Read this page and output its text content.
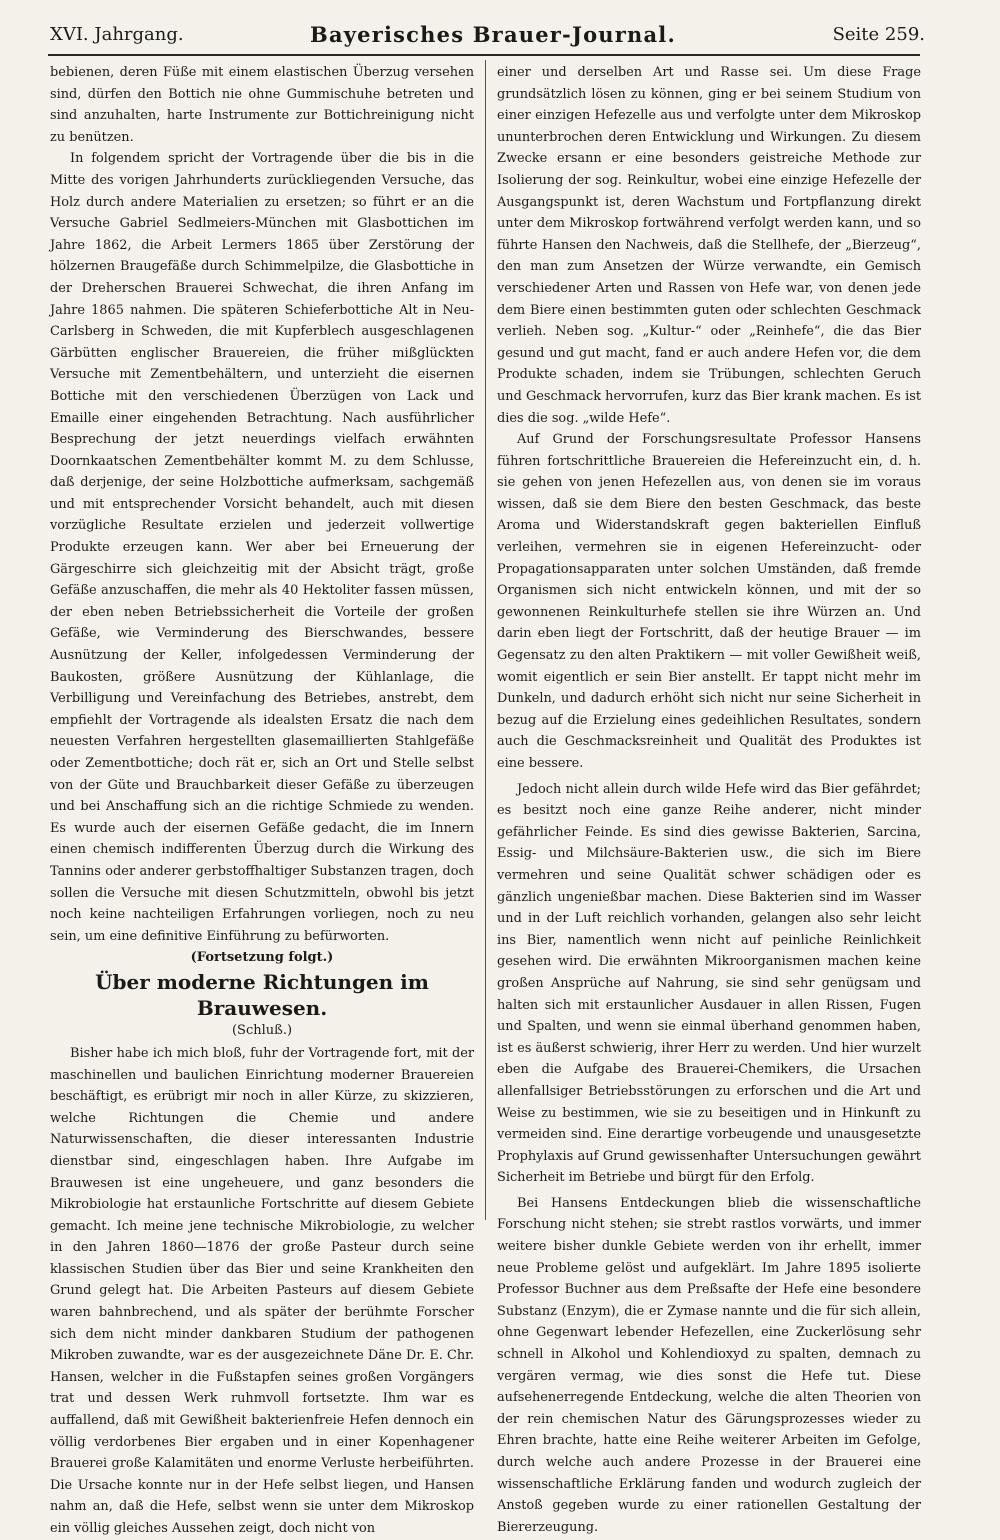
XVI. Jahrgang.	Bayerisches Brauer-Journal.	Seite 259.

bebienen, deren Füße mit einem elastischen Überzug versehen sind, dürfen den Bottich nie ohne Gummischuhe betreten und sind anzuhalten, harte Instrumente zur Bottichreinigung nicht zu benützen.

In folgendem spricht der Vortragende über die bis in die Mitte des vorigen Jahrhunderts zurückliegenden Versuche, das Holz durch andere Materialien zu ersetzen; so führt er an die Versuche Gabriel Sedlmeiers-München mit Glasbottichen im Jahre 1862, die Arbeit Lermers 1865 über Zerstörung der hölzernen Braugefäße durch Schimmelpilze, die Glasbottiche in der Dreherschen Brauerei Schwechat, die ihren Anfang im Jahre 1865 nahmen. Die späteren Schieferbottiche Alt in Neu-Carlsberg in Schweden, die mit Kupferblech ausgeschlagenen Gärbütten englischer Brauereien, die früher mißglückten Versuche mit Zementbehältern, und unterzieht die eisernen Bottiche mit den verschiedenen Überzügen von Lack und Emaille einer eingehenden Betrachtung. Nach ausführlicher Besprechung der jetzt neuerdings vielfach erwähnten Doornkaatschen Zementbehälter kommt M. zu dem Schlusse, daß derjenige, der seine Holzbottiche aufmerksam, sachgemäß und mit entsprechender Vorsicht behandelt, auch mit diesen vorzügliche Resultate erzielen und jederzeit vollwertige Produkte erzeugen kann. Wer aber bei Erneuerung der Gärgeschirre sich gleichzeitig mit der Absicht trägt, große Gefäße anzuschaffen, die mehr als 40 Hektoliter fassen müssen, der eben neben Betriebssicherheit die Vorteile der großen Gefäße, wie Verminderung des Bierschwandes, bessere Ausnützung der Keller, infolgedessen Verminderung der Baukosten, größere Ausnützung der Kühlanlage, die Verbilligung und Vereinfachung des Betriebes, anstrebt, dem empfiehlt der Vortragende als idealsten Ersatz die nach dem neuesten Verfahren hergestellten glasemaillierten Stahlgefäße oder Zementbottiche; doch rät er, sich an Ort und Stelle selbst von der Güte und Brauchbarkeit dieser Gefäße zu überzeugen und bei Anschaffung sich an die richtige Schmiede zu wenden. Es wurde auch der eisernen Gefäße gedacht, die im Innern einen chemisch indifferenten Überzug durch die Wirkung des Tannins oder anderer gerbstoffhaltiger Substanzen tragen, doch sollen die Versuche mit diesen Schutzmitteln, obwohl bis jetzt noch keine nachteiligen Erfahrungen vorliegen, noch zu neu sein, um eine definitive Einführung zu befürworten.

(Fortsetzung folgt.)

Über moderne Richtungen im Brauwesen.
(Schluß.)

Bisher habe ich mich bloß, fuhr der Vortragende fort, mit der maschinellen und baulichen Einrichtung moderner Brauereien beschäftigt, es erübrigt mir noch in aller Kürze, zu skizzieren, welche Richtungen die Chemie und andere Naturwissenschaften, die dieser interessanten Industrie dienstbar sind, eingeschlagen haben. Ihre Aufgabe im Brauwesen ist eine ungeheuere, und ganz besonders die Mikrobiologie hat erstaunliche Fortschritte auf diesem Gebiete gemacht. Ich meine jene technische Mikrobiologie, zu welcher in den Jahren 1860—1876 der große Pasteur durch seine klassischen Studien über das Bier und seine Krankheiten den Grund gelegt hat. Die Arbeiten Pasteurs auf diesem Gebiete waren bahnbrechend, und als später der berühmte Forscher sich dem nicht minder dankbaren Studium der pathogenen Mikroben zuwandte, war es der ausgezeichnete Däne Dr. E. Chr. Hansen, welcher in die Fußstapfen seines großen Vorgängers trat und dessen Werk ruhmvoll fortsetzte. Ihm war es auffallend, daß mit Gewißheit bakterienfreie Hefen dennoch ein völlig verdorbenes Bier ergaben und in einer Kopenhagener Brauerei große Kalamitäten und enorme Verluste herbeiführten. Die Ursache konnte nur in der Hefe selbst liegen, und Hansen nahm an, daß die Hefe, selbst wenn sie unter dem Mikroskop ein völlig gleiches Aussehen zeigt, doch nicht von

einer und derselben Art und Rasse sei. Um diese Frage grundsätzlich lösen zu können, ging er bei seinem Studium von einer einzigen Hefezelle aus und verfolgte unter dem Mikroskop ununterbrochen deren Entwicklung und Wirkungen. Zu diesem Zwecke ersann er eine besonders geistreiche Methode zur Isolierung der sog. Reinkultur, wobei eine einzige Hefezelle der Ausgangspunkt ist, deren Wachstum und Fortpflanzung direkt unter dem Mikroskop fortwährend verfolgt werden kann, und so führte Hansen den Nachweis, daß die Stellhefe, der „Bierzeug“, den man zum Ansetzen der Würze verwandte, ein Gemisch verschiedener Arten und Rassen von Hefe war, von denen jede dem Biere einen bestimmten guten oder schlechten Geschmack verlieh. Neben sog. „Kultur-“ oder „Reinhefe“, die das Bier gesund und gut macht, fand er auch andere Hefen vor, die dem Produkte schaden, indem sie Trübungen, schlechten Geruch und Geschmack hervorrufen, kurz das Bier krank machen. Es ist dies die sog. „wilde Hefe“.

Auf Grund der Forschungsresultate Professor Hansens führen fortschrittliche Brauereien die Hefereinzucht ein, d. h. sie gehen von jenen Hefezellen aus, von denen sie im voraus wissen, daß sie dem Biere den besten Geschmack, das beste Aroma und Widerstandskraft gegen bakteriellen Einfluß verleihen, vermehren sie in eigenen Hefereinzucht- oder Propagationsapparaten unter solchen Umständen, daß fremde Organismen sich nicht entwickeln können, und mit der so gewonnenen Reinkulturhefe stellen sie ihre Würzen an. Und darin eben liegt der Fortschritt, daß der heutige Brauer — im Gegensatz zu den alten Praktikern — mit voller Gewißheit weiß, womit eigentlich er sein Bier anstellt. Er tappt nicht mehr im Dunkeln, und dadurch erhöht sich nicht nur seine Sicherheit in bezug auf die Erzielung eines gedeihlichen Resultates, sondern auch die Geschmacksreinheit und Qualität des Produktes ist eine bessere.

Jedoch nicht allein durch wilde Hefe wird das Bier gefährdet; es besitzt noch eine ganze Reihe anderer, nicht minder gefährlicher Feinde. Es sind dies gewisse Bakterien, Sarcina, Essig- und Milchsäure-Bakterien usw., die sich im Biere vermehren und seine Qualität schwer schädigen oder es gänzlich ungenießbar machen. Diese Bakterien sind im Wasser und in der Luft reichlich vorhanden, gelangen also sehr leicht ins Bier, namentlich wenn nicht auf peinliche Reinlichkeit gesehen wird. Die erwähnten Mikroorganismen machen keine großen Ansprüche auf Nahrung, sie sind sehr genügsam und halten sich mit erstaunlicher Ausdauer in allen Rissen, Fugen und Spalten, und wenn sie einmal überhand genommen haben, ist es äußerst schwierig, ihrer Herr zu werden. Und hier wurzelt eben die Aufgabe des Brauerei-Chemikers, die Ursachen allenfallsiger Betriebsstörungen zu erforschen und die Art und Weise zu bestimmen, wie sie zu beseitigen und in Hinkunft zu vermeiden sind. Eine derartige vorbeugende und unausgesetzte Prophylaxis auf Grund gewissenhafter Untersuchungen gewährt Sicherheit im Betriebe und bürgt für den Erfolg.

Bei Hansens Entdeckungen blieb die wissenschaftliche Forschung nicht stehen; sie strebt rastlos vorwärts, und immer weitere bisher dunkle Gebiete werden von ihr erhellt, immer neue Probleme gelöst und aufgeklärt. Im Jahre 1895 isolierte Professor Buchner aus dem Preßsafte der Hefe eine besondere Substanz (Enzym), die er Zymase nannte und die für sich allein, ohne Gegenwart lebender Hefezellen, eine Zuckerlösung sehr schnell in Alkohol und Kohlendioxyd zu spalten, demnach zu vergären vermag, wie dies sonst die Hefe tut. Diese aufsehenerregende Entdeckung, welche die alten Theorien von der rein chemischen Natur des Gärungsprozesses wieder zu Ehren brachte, hatte eine Reihe weiterer Arbeiten im Gefolge, durch welche auch andere Prozesse in der Brauerei eine wissenschaftliche Erklärung fanden und wodurch zugleich der Anstoß gegeben wurde zu einer rationellen Gestaltung der Biererzeugung.
